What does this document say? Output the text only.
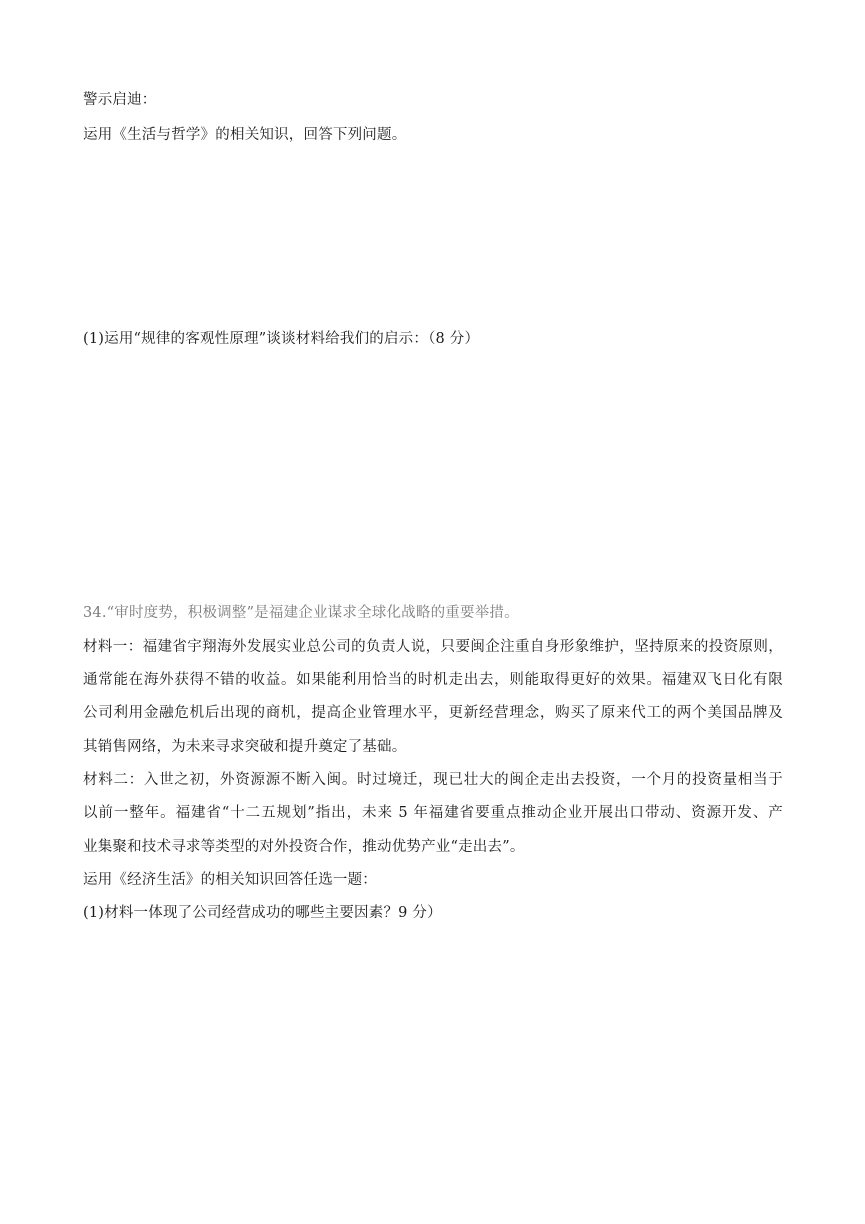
警示启迪：
运用《生活与哲学》的相关知识，回答下列问题。
(1)运用“规律的客观性原理”谈谈材料给我们的启示：（8 分）
34.“审时度势，积极调整”是福建企业谋求全球化战略的重要举措。
材料一：福建省宇翔海外发展实业总公司的负责人说，只要闽企注重自身形象维护，坚持原来的投资原则，
通常能在海外获得不错的收益。如果能利用恰当的时机走出去，则能取得更好的效果。福建双飞日化有限
公司利用金融危机后出现的商机，提高企业管理水平，更新经营理念，购买了原来代工的两个美国品牌及
其销售网络，为未来寻求突破和提升奠定了基础。
材料二：入世之初，外资源源不断入闽。时过境迁，现已壮大的闽企走出去投资，一个月的投资量相当于
以前一整年。福建省“十二五规划”指出，未来 5 年福建省要重点推动企业开展出口带动、资源开发、产
业集聚和技术寻求等类型的对外投资合作，推动优势产业“走出去”。
运用《经济生活》的相关知识回答任选一题：
(1)材料一体现了公司经营成功的哪些主要因素？9 分）
